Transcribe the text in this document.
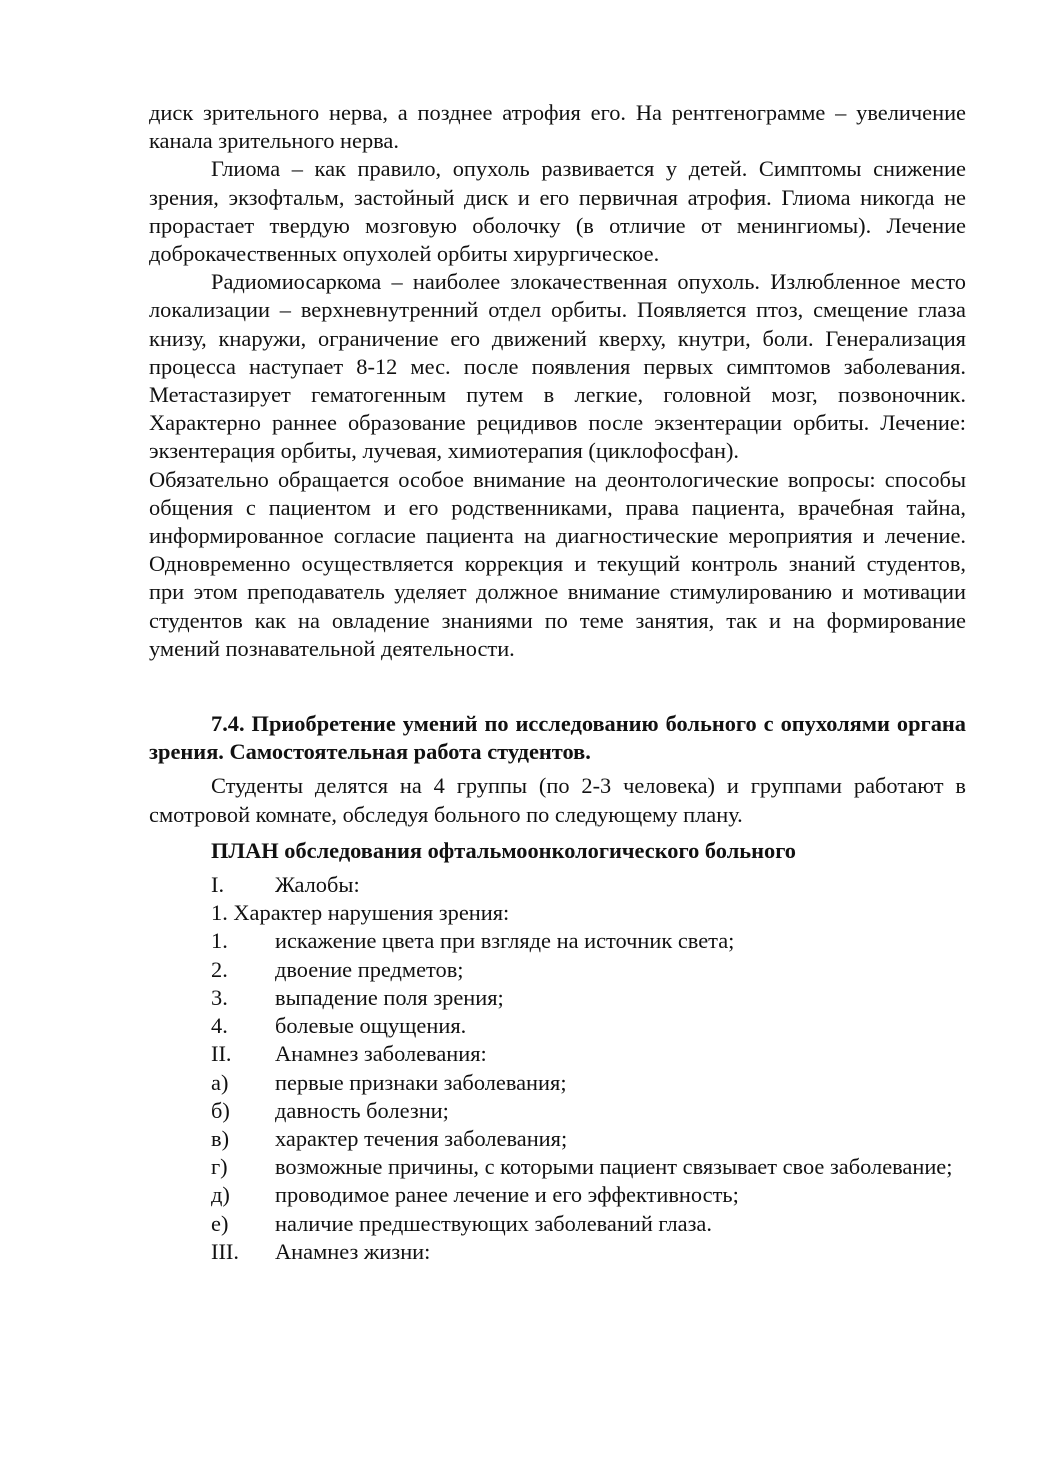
диск зрительного нерва, а позднее атрофия его. На рентгенограмме – увеличение канала зрительного нерва.

Глиома – как правило, опухоль развивается у детей. Симптомы снижение зрения, экзофтальм, застойный диск и его первичная атрофия. Глиома никогда не прорастает твердую мозговую оболочку (в отличие от менингиомы). Лечение доброкачественных опухолей орбиты хирургическое.

Радиомиосаркома – наиболее злокачественная опухоль. Излюбленное место локализации – верхневнутренний отдел орбиты. Появляется птоз, смещение глаза книзу, кнаружи, ограничение его движений кверху, кнутри, боли. Генерализация процесса наступает 8-12 мес. после появления первых симптомов заболевания. Метастазирует гематогенным путем в легкие, головной мозг, позвоночник. Характерно раннее образование рецидивов после экзентерации орбиты. Лечение: экзентерация орбиты, лучевая, химиотерапия (циклофосфан).

Обязательно обращается особое внимание на деонтологические вопросы: способы общения с пациентом и его родственниками, права пациента, врачебная тайна, информированное согласие пациента на диагностические мероприятия и лечение. Одновременно осуществляется коррекция и текущий контроль знаний студентов, при этом преподаватель уделяет должное внимание стимулированию и мотивации студентов как на овладение знаниями по теме занятия, так и на формирование умений познавательной деятельности.

7.4. Приобретение умений по исследованию больного с опухолями органа зрения. Самостоятельная работа студентов.

Студенты делятся на 4 группы (по 2-3 человека) и группами работают в смотровой комнате, обследуя больного по следующему плану.

ПЛАН обследования офтальмоонкологического больного
I.	Жалобы:
1. Характер нарушения зрения:
1.	искажение цвета при взгляде на источник света;
2.	двоение предметов;
3.	выпадение поля зрения;
4.	болевые ощущения.
II.	Анамнез заболевания:
а)	первые признаки заболевания;
б)	давность болезни;
в)	характер течения заболевания;

г) возможные причины, с которыми пациент связывает свое заболевание;

д)	проводимое ранее лечение и его эффективность;
е)	наличие предшествующих заболеваний глаза.
III.	Анамнез жизни:
